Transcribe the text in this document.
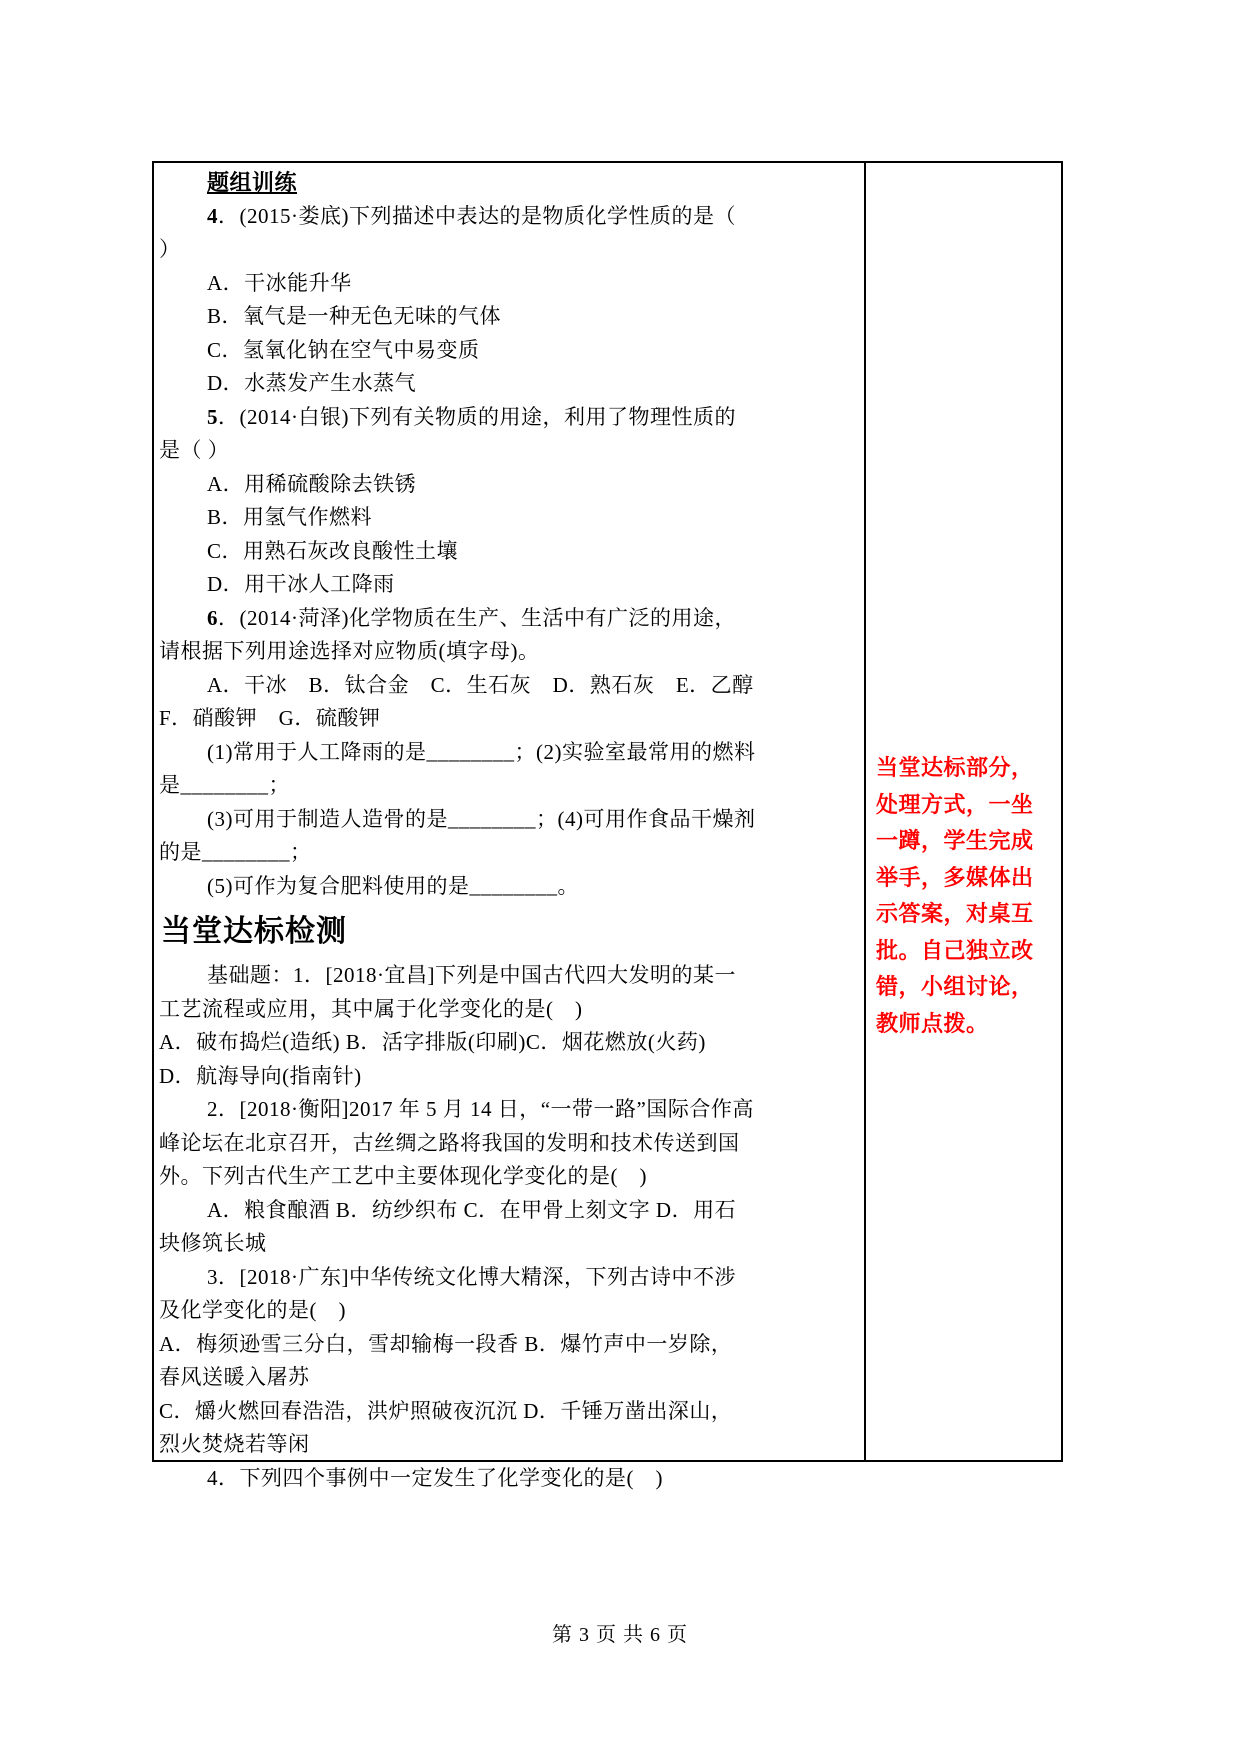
题组训练
4．(2015·娄底)下列描述中表达的是物质化学性质的是（
）
A．干冰能升华
B．氧气是一种无色无味的气体
C．氢氧化钠在空气中易变质
D．水蒸发产生水蒸气
5．(2014·白银)下列有关物质的用途，利用了物理性质的
是（ ）
A．用稀硫酸除去铁锈
B．用氢气作燃料
C．用熟石灰改良酸性土壤
D．用干冰人工降雨
6．(2014·菏泽)化学物质在生产、生活中有广泛的用途，
请根据下列用途选择对应物质(填字母)。
A．干冰　B．钛合金　C．生石灰　D．熟石灰　E．乙醇
F．硝酸钾　G．硫酸钾
(1)常用于人工降雨的是________；(2)实验室最常用的燃料
是________；
(3)可用于制造人造骨的是________；(4)可用作食品干燥剂
的是________；
(5)可作为复合肥料使用的是________。
当堂达标检测
基础题：1．[2018·宜昌]下列是中国古代四大发明的某一
工艺流程或应用，其中属于化学变化的是(　)
A．破布捣烂(造纸) B．活字排版(印刷)C．烟花燃放(火药)
D．航海导向(指南针)
2．[2018·衡阳]2017 年 5 月 14 日，“一带一路”国际合作高
峰论坛在北京召开，古丝绸之路将我国的发明和技术传送到国
外。下列古代生产工艺中主要体现化学变化的是(　)
A．粮食酿酒 B．纺纱织布 C．在甲骨上刻文字 D．用石
块修筑长城
3．[2018·广东]中华传统文化博大精深，下列古诗中不涉
及化学变化的是(　)
A．梅须逊雪三分白，雪却输梅一段香 B．爆竹声中一岁除，
春风送暖入屠苏
C．爝火燃回春浩浩，洪炉照破夜沉沉 D．千锤万凿出深山，
烈火焚烧若等闲
4．下列四个事例中一定发生了化学变化的是(　)
当堂达标部分，
处理方式，一坐
一蹲，学生完成
举手，多媒体出
示答案，对桌互
批。自己独立改
错，小组讨论，
教师点拨。
第 3 页 共 6 页
